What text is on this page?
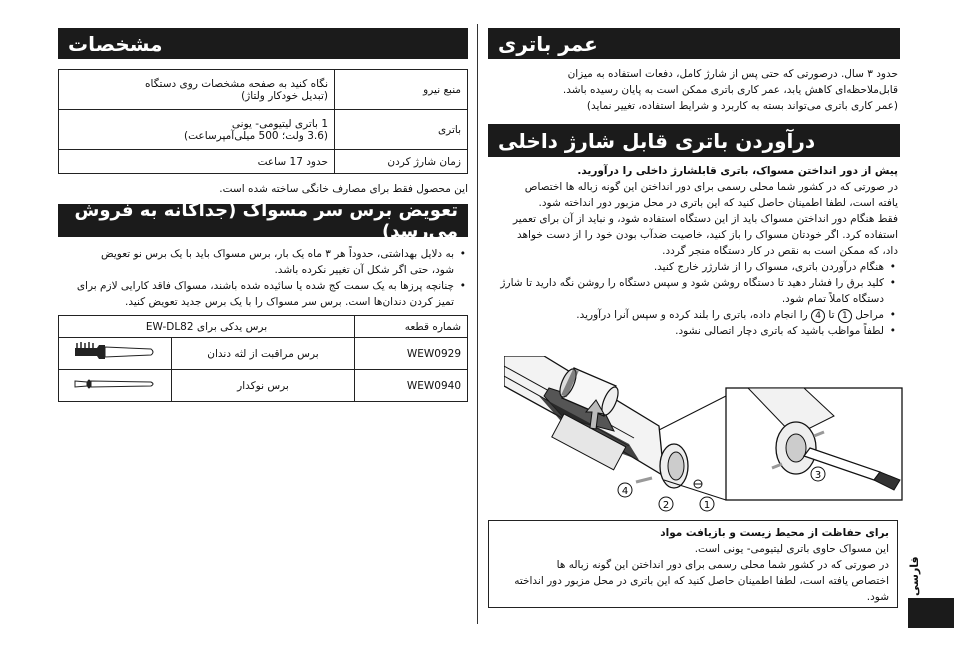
عمر باتری

حدود ۳ سال. درصورتی که حتی پس از شارژ کامل، دفعات استفاده به میزان

قابل‌ملاحظه‌ای کاهش یابد، عمر کاری باتری ممکن است به پایان رسیده باشد.

(عمر کاری باتری می‌تواند بسته به کاربرد و شرایط استفاده، تغییر نماید)

درآوردن باتری قابل شارژ داخلی

پیش از دور انداختن مسواک، باتری قابلشارژ داخلی را درآورید.

در صورتی که در کشور شما محلی رسمی برای دور انداختن این گونه زباله ها اختصاص

یافته است، لطفا اطمینان حاصل کنید که این باتری در محل مزبور دور انداخته شود.

فقط هنگام دور انداختن مسواک باید از این دستگاه استفاده شود، و نباید از آن برای تعمیر

استفاده کرد. اگر خودتان مسواک را باز کنید، خاصیت ضدآب بودن خود را از دست خواهد

داد، که ممکن است به نقص در کار دستگاه منجر گردد.

• هنگام درآوردن باتری، مسواک را از شارژر خارج کنید.
• کلید برق را فشار دهید تا دستگاه روشن شود و سپس دستگاه را روشن نگه دارید تا شارژ
دستگاه کاملاً تمام شود.
• مراحل 1 تا 4 را انجام داده، باتری را بلند کرده و سپس آنرا درآورید.
• لطفاً مواظب باشید که باتری دچار اتصالی نشود.
4
2	1
3

برای حفاظت از محیط زیست و بازیافت مواد

این مسواک حاوی باتری لیتیومی- یونی است.

در صورتی که در کشور شما محلی رسمی برای دور انداختن این گونه زباله ها

اختصاص یافته است، لطفا اطمینان حاصل کنید که این باتری در محل مزبور دور انداخته

شود.

فارسی
مشخصات
منبع نیرو	نگاه کنید به صفحه مشخصات روی دستگاه
(تبدیل خودکار ولتاژ)
باتری	1 باتری لیتیومی- یونی
(3.6 ولت؛ 500 میلی‌آمپرساعت)
زمان شارژ کردن	حدود 17 ساعت
این محصول فقط برای مصارف خانگی ساخته شده است.
تعویض برس سر مسواک (جداگانه به فروش می‌رسد)
• به دلایل بهداشتی، حدوداً هر ۳ ماه یک بار، برس مسواک باید با یک برس نو تعویض
شود، حتی اگر شکل آن تغییر نکرده باشد.
• چنانچه پرزها به یک سمت کج شده یا سائیده شده باشند، مسواک فاقد کارایی لازم برای
تمیز کردن دندان‌ها است. برس سر مسواک را با یک برس جدید تعویض کنید.
شماره قطعه	برس یدکی برای EW-DL82	
WEW0929	برس مراقبت از لثه دندان	
WEW0940	برس نوکدار	
